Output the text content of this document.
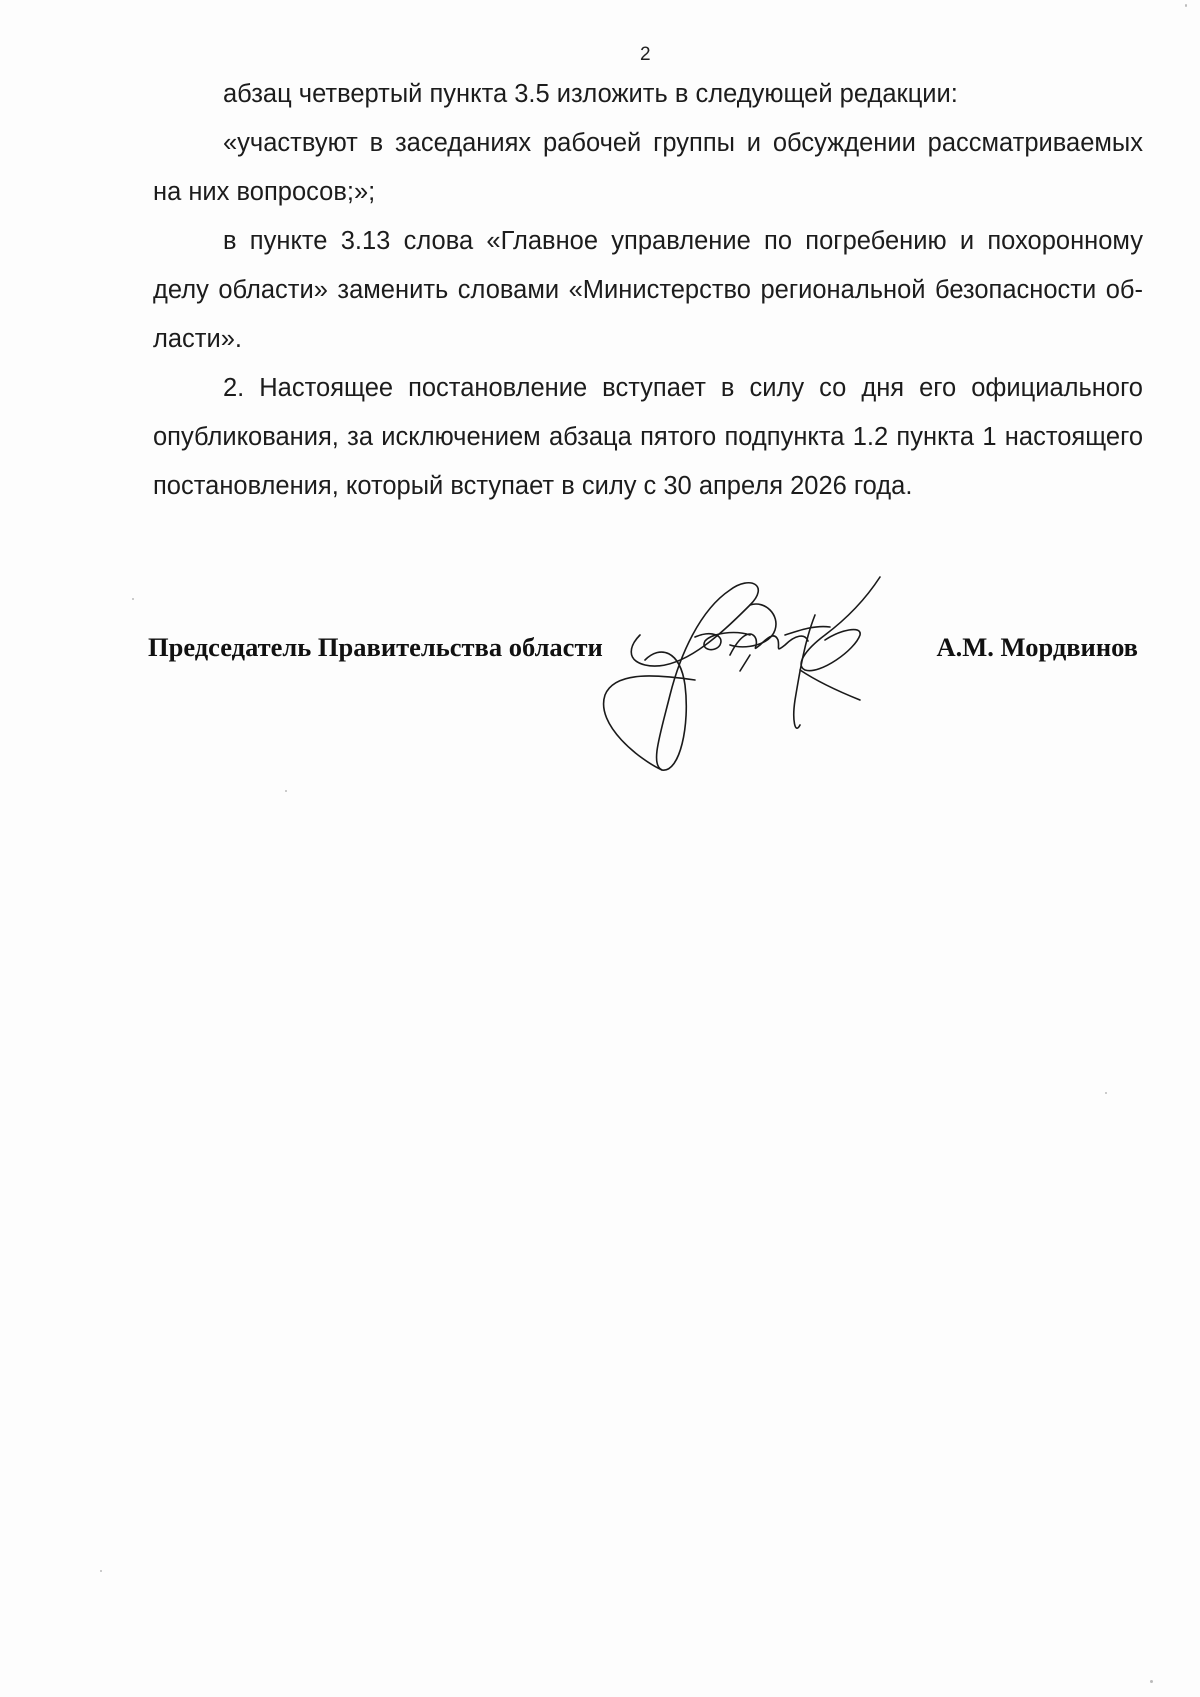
2

абзац четвертый пункта 3.5 изложить в следующей редакции:

«участвуют в заседаниях рабочей группы и обсуждении рассматриваемых на них вопросов;»;

в пункте 3.13 слова «Главное управление по погребению и похоронному делу области» заменить словами «Министерство региональной безопасности области».

2. Настоящее постановление вступает в силу со дня его официального опубликования, за исключением абзаца пятого подпункта 1.2 пункта 1 настоящего постановления, который вступает в силу с 30 апреля 2026 года.

Председатель Правительства области	А.М. Мордвинов
